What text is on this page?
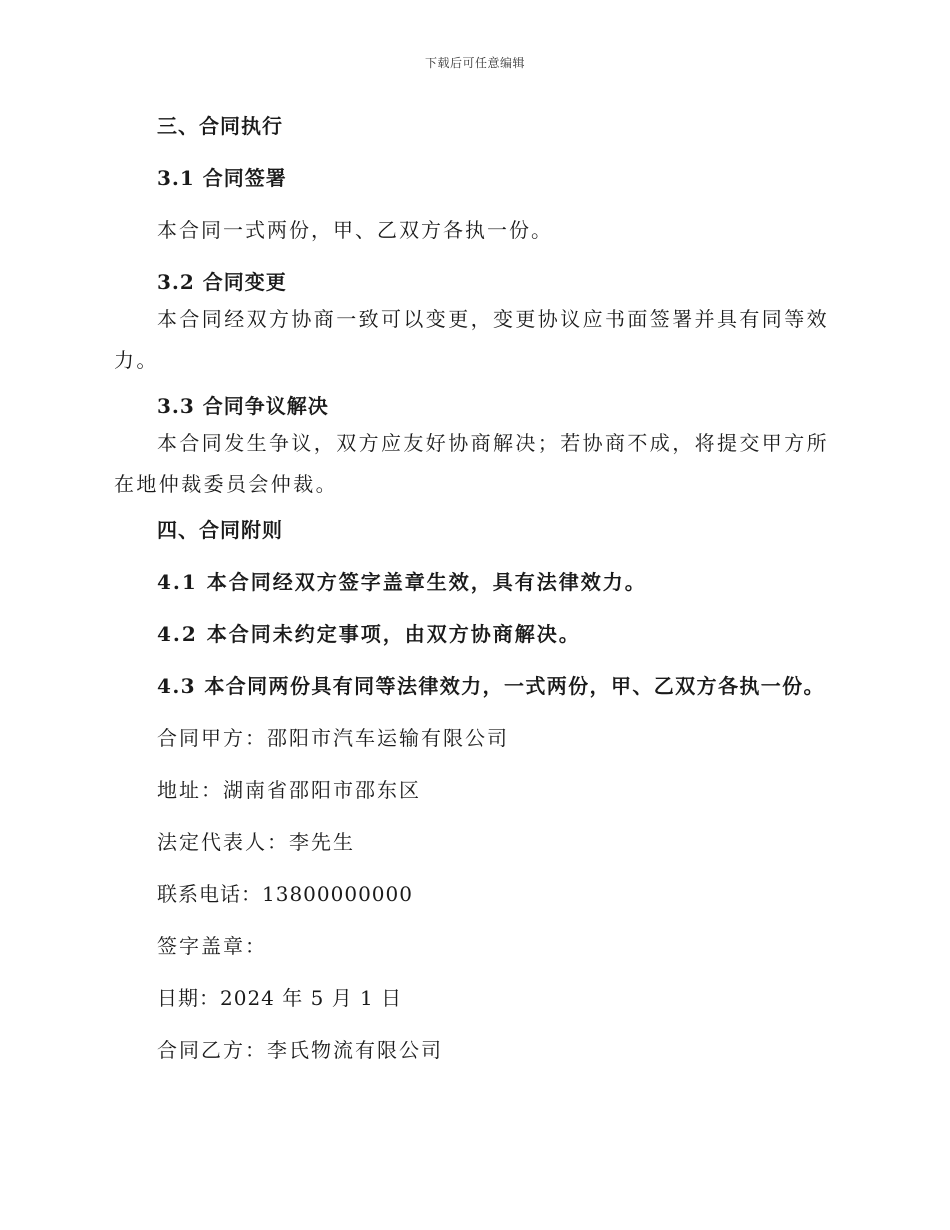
下载后可任意编辑
三、合同执行
3.1 合同签署
本合同一式两份，甲、乙双方各执一份。
3.2 合同变更

本合同经双方协商一致可以变更，变更协议应书面签署并具有同等效力。

3.3 合同争议解决

本合同发生争议，双方应友好协商解决；若协商不成，将提交甲方所在地仲裁委员会仲裁。

四、合同附则
4.1 本合同经双方签字盖章生效，具有法律效力。
4.2 本合同未约定事项，由双方协商解决。
4.3 本合同两份具有同等法律效力，一式两份，甲、乙双方各执一份。
合同甲方：邵阳市汽车运输有限公司
地址：湖南省邵阳市邵东区
法定代表人：李先生
联系电话：13800000000
签字盖章：
日期：2024 年 5 月 1 日
合同乙方：李氏物流有限公司
